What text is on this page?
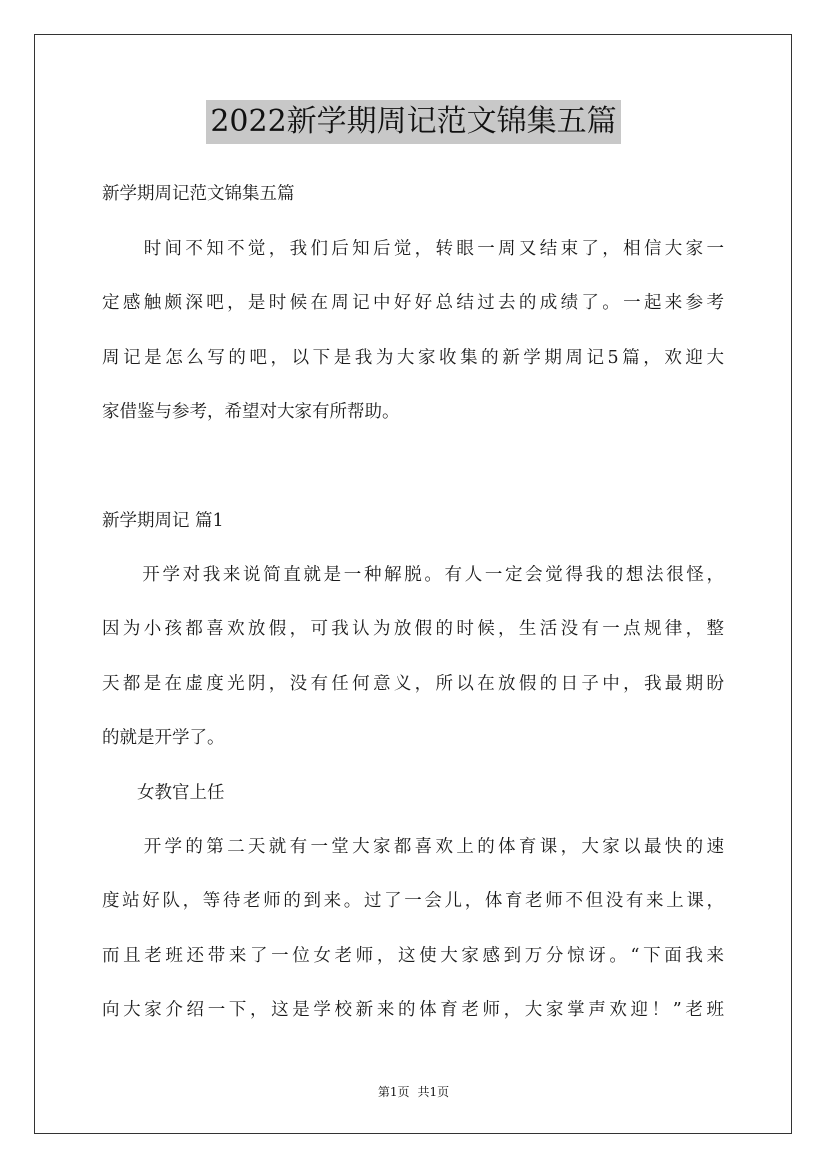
2022新学期周记范文锦集五篇
新学期周记范文锦集五篇
　　时间不知不觉，我们后知后觉，转眼一周又结束了，相信大家一
定感触颇深吧，是时候在周记中好好总结过去的成绩了。一起来参考
周记是怎么写的吧，以下是我为大家收集的新学期周记5篇，欢迎大
家借鉴与参考，希望对大家有所帮助。
新学期周记 篇1
　　开学对我来说简直就是一种解脱。有人一定会觉得我的想法很怪，
因为小孩都喜欢放假，可我认为放假的时候，生活没有一点规律，整
天都是在虚度光阴，没有任何意义，所以在放假的日子中，我最期盼
的就是开学了。
　　女教官上任
　　开学的第二天就有一堂大家都喜欢上的体育课，大家以最快的速
度站好队，等待老师的到来。过了一会儿，体育老师不但没有来上课，
而且老班还带来了一位女老师，这使大家感到万分惊讶。“下面我来
向大家介绍一下，这是学校新来的体育老师，大家掌声欢迎！”老班
第1页 共1页
